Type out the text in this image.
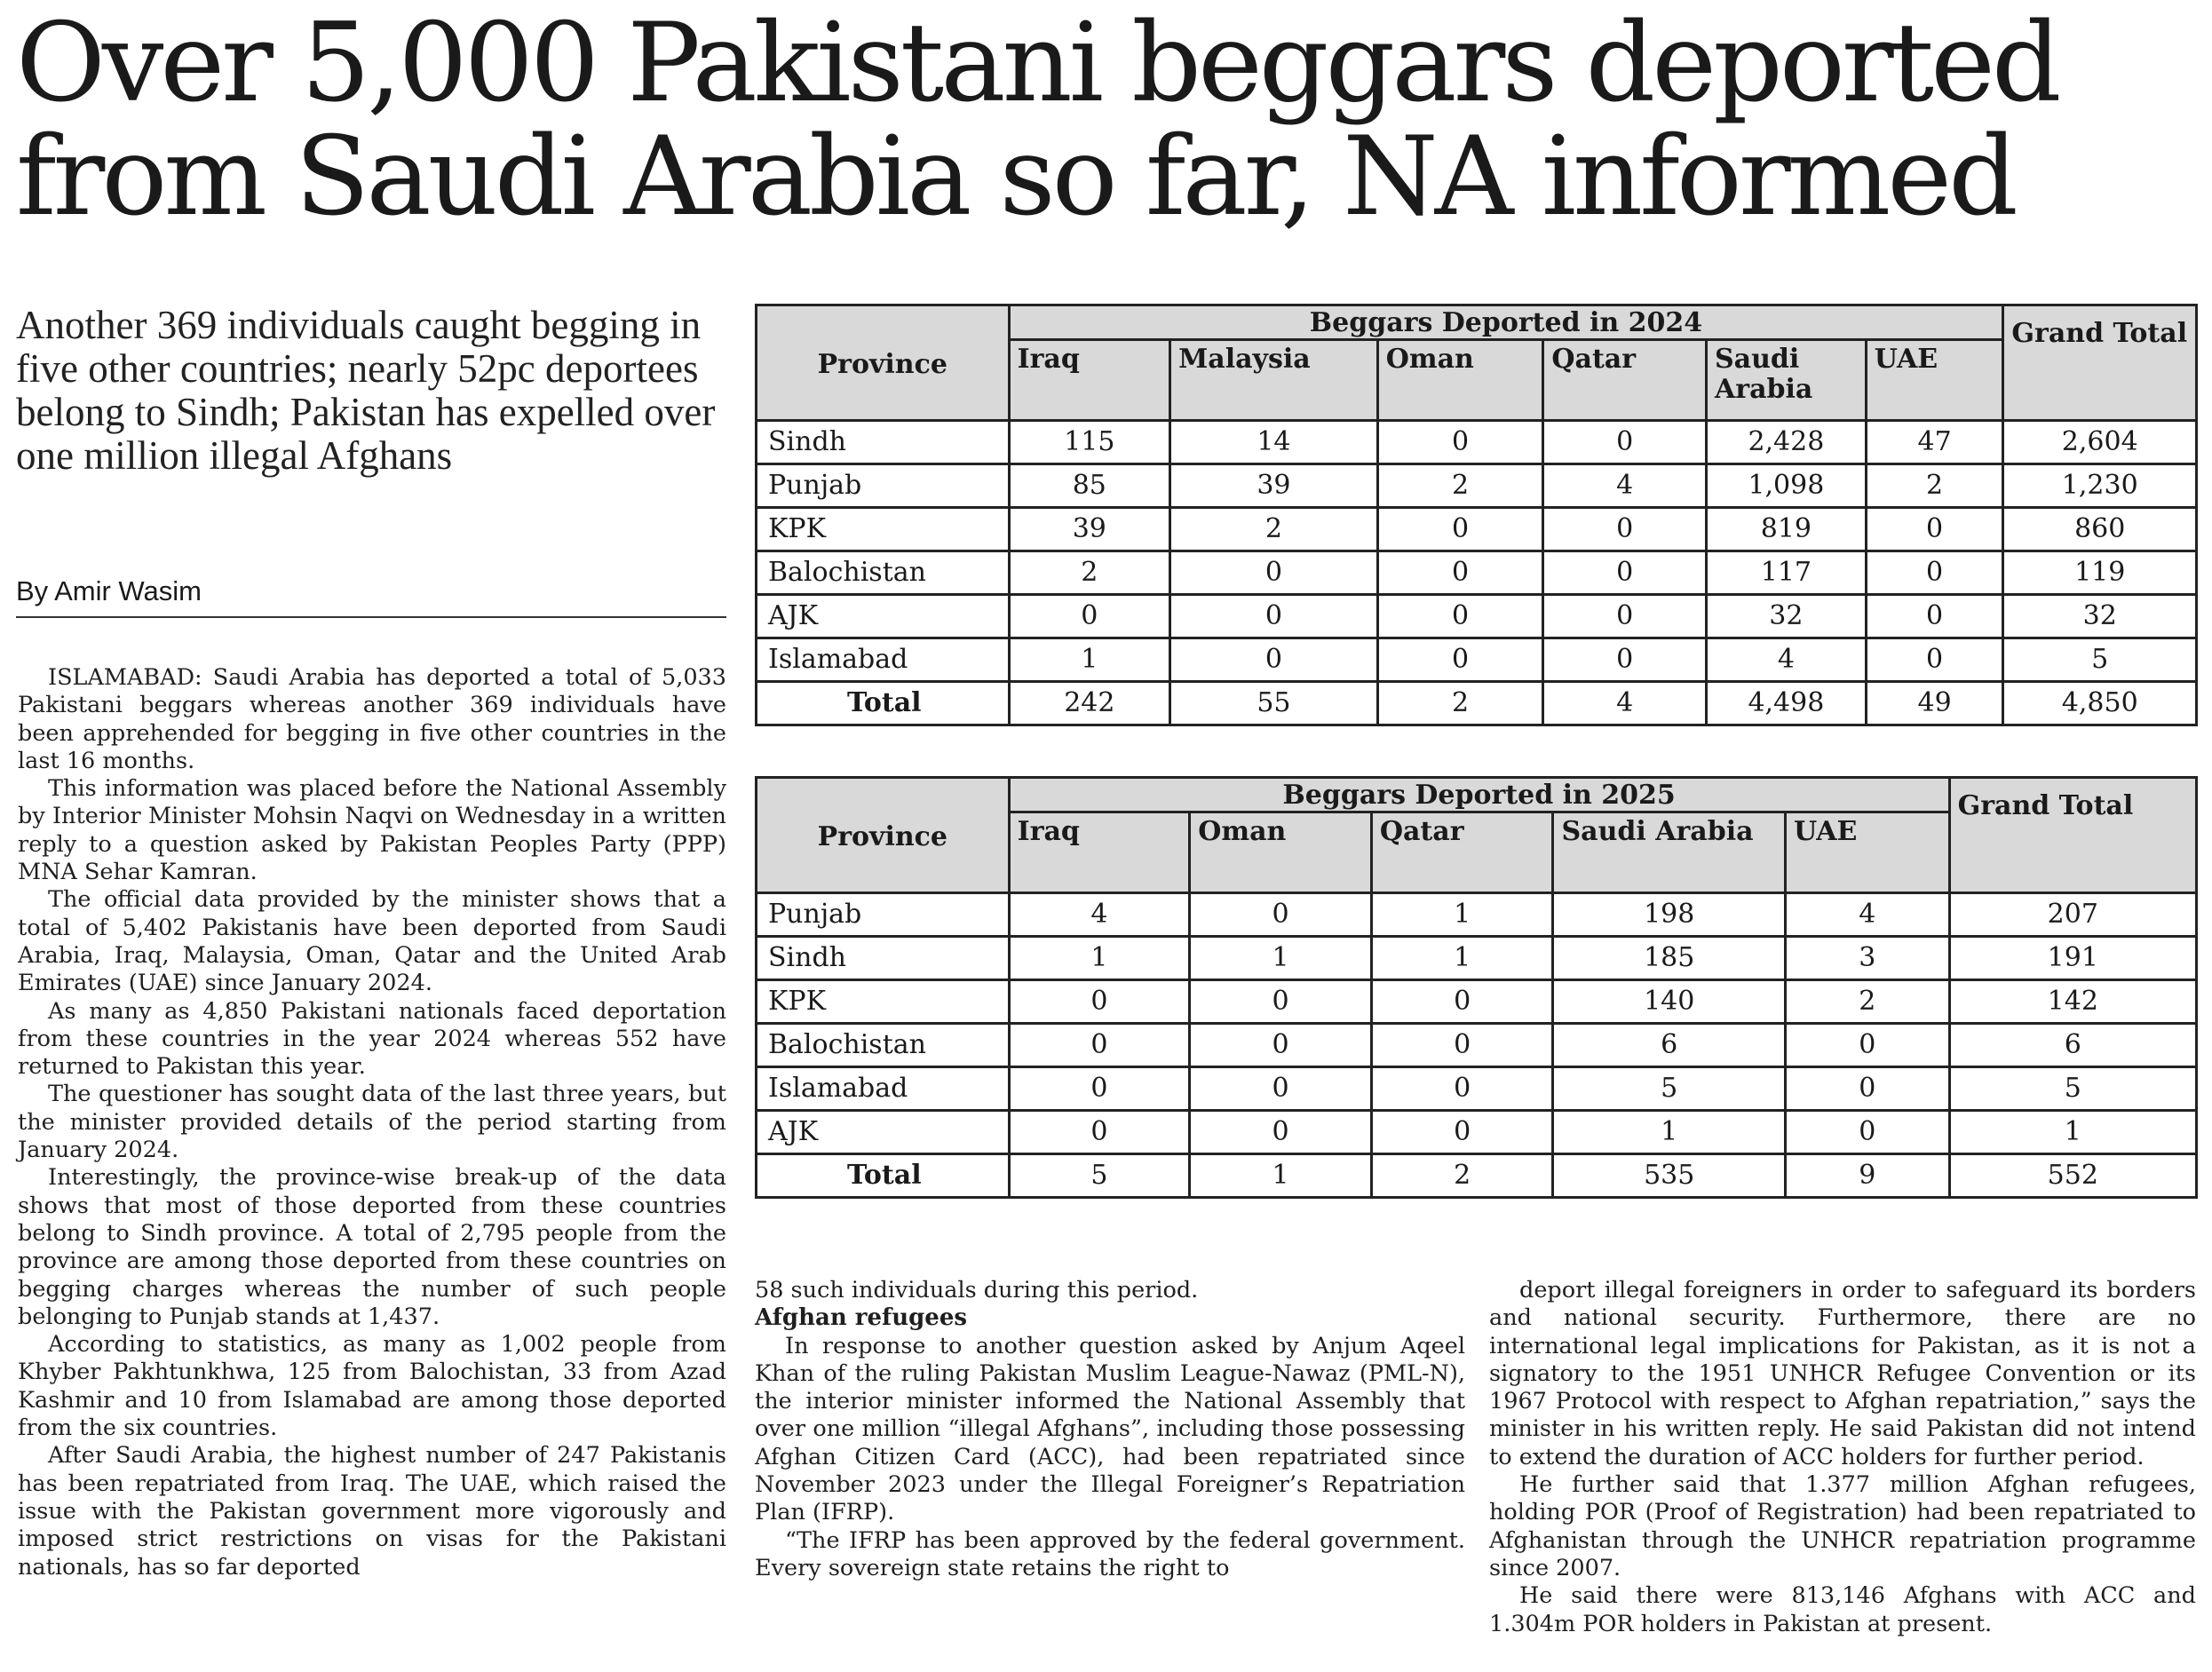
Over 5,000 Pakistani beggars deported
from Saudi Arabia so far, NA informed
Another 369 individuals caught begging in five other countries; nearly 52pc deportees belong to Sindh; Pakistan has expelled over one million illegal Afghans
By Amir Wasim

ISLAMABAD: Saudi Arabia has deported a total of 5,033 Pakistani beggars whereas another 369 individuals have been apprehended for begging in five other countries in the last 16 months.

This information was placed before the National Assembly by Interior Minister Mohsin Naqvi on Wednesday in a written reply to a question asked by Pakistan Peoples Party (PPP) MNA Sehar Kamran.

The official data provided by the minister shows that a total of 5,402 Pakistanis have been deported from Saudi Arabia, Iraq, Malaysia, Oman, Qatar and the United Arab Emirates (UAE) since January 2024.

As many as 4,850 Pakistani nationals faced deportation from these countries in the year 2024 whereas 552 have returned to Pakistan this year.

The questioner has sought data of the last three years, but the minister provided details of the period starting from January 2024.

Interestingly, the province-wise break-up of the data shows that most of those deported from these countries belong to Sindh province. A total of 2,795 people from the province are among those deported from these countries on begging charges whereas the number of such people belonging to Punjab stands at 1,437.

According to statistics, as many as 1,002 people from Khyber Pakhtunkhwa, 125 from Balochistan, 33 from Azad Kashmir and 10 from Islamabad are among those deported from the six countries.

After Saudi Arabia, the highest number of 247 Pakistanis has been repatriated from Iraq. The UAE, which raised the issue with the Pakistan government more vigorously and imposed strict restrictions on visas for the Pakistani nationals, has so far deported

Province	Beggars Deported in 2024						Grand Total
	Iraq	Malaysia	Oman	Qatar	Saudi Arabia	UAE	
Sindh	115	14	0	0	2,428	47	2,604
Punjab	85	39	2	4	1,098	2	1,230
KPK	39	2	0	0	819	0	860
Balochistan	2	0	0	0	117	0	119
AJK	0	0	0	0	32	0	32
Islamabad	1	0	0	0	4	0	5
Total	242	55	2	4	4,498	49	4,850
Province	Beggars Deported in 2025					Grand Total
	Iraq	Oman	Qatar	Saudi Arabia	UAE	
Punjab	4	0	1	198	4	207
Sindh	1	1	1	185	3	191
KPK	0	0	0	140	2	142
Balochistan	0	0	0	6	0	6
Islamabad	0	0	0	5	0	5
AJK	0	0	0	1	0	1
Total	5	1	2	535	9	552

58 such individuals during this period.

Afghan refugees

In response to another question asked by Anjum Aqeel Khan of the ruling Pakistan Muslim League-Nawaz (PML-N), the interior minister informed the National Assembly that over one million “illegal Afghans”, including those possessing Afghan Citizen Card (ACC), had been repatriated since November 2023 under the Illegal Foreigner’s Repatriation Plan (IFRP).

“The IFRP has been approved by the federal government. Every sovereign state retains the right to

deport illegal foreigners in order to safeguard its borders and national security. Furthermore, there are no international legal implications for Pakistan, as it is not a signatory to the 1951 UNHCR Refugee Convention or its 1967 Protocol with respect to Afghan repatriation,” says the minister in his written reply. He said Pakistan did not intend to extend the duration of ACC holders for further period.

He further said that 1.377 million Afghan refugees, holding POR (Proof of Registration) had been repatriated to Afghanistan through the UNHCR repatriation programme since 2007.

He said there were 813,146 Afghans with ACC and 1.304m POR holders in Pakistan at present.
